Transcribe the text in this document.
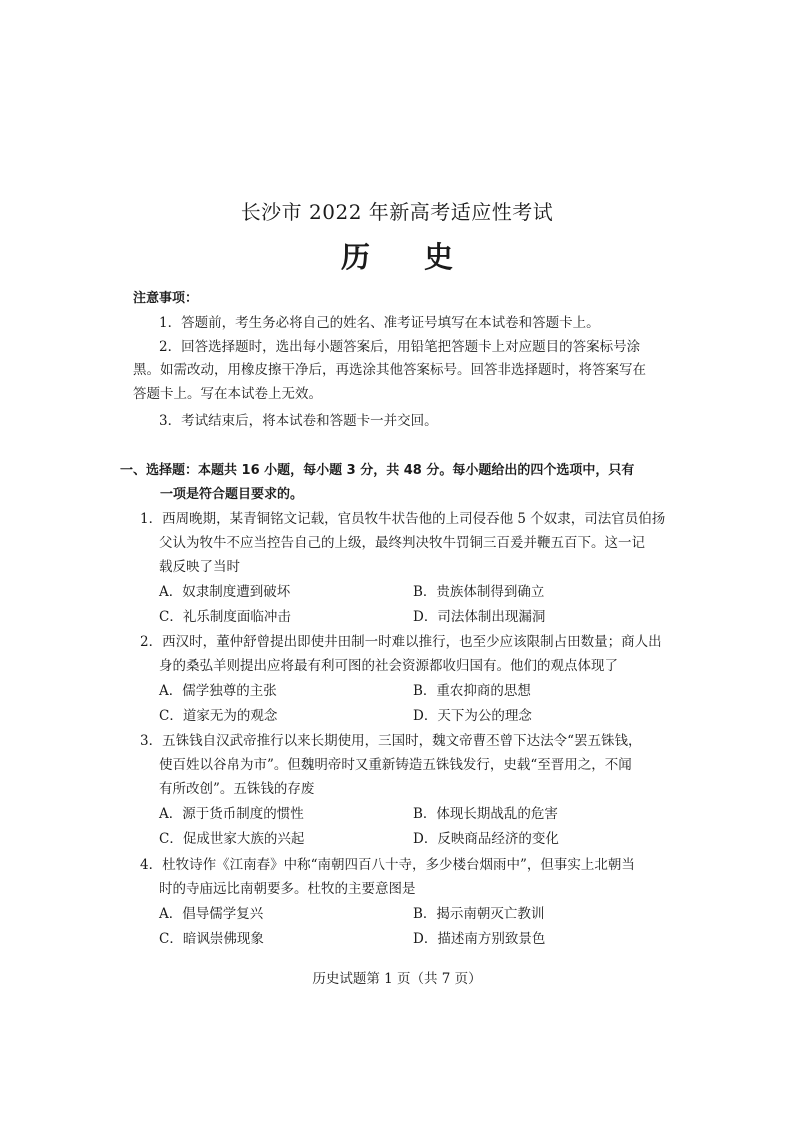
长沙市 2022 年新高考适应性考试
历 史
注意事项：
1．答题前，考生务必将自己的姓名、准考证号填写在本试卷和答题卡上。
2．回答选择题时，选出每小题答案后，用铅笔把答题卡上对应题目的答案标号涂
黑。如需改动，用橡皮擦干净后，再选涂其他答案标号。回答非选择题时，将答案写在
答题卡上。写在本试卷上无效。
3．考试结束后，将本试卷和答题卡一并交回。
一、选择题：本题共 16 小题，每小题 3 分，共 48 分。每小题给出的四个选项中，只有
一项是符合题目要求的。
1．西周晚期，某青铜铭文记载，官员牧牛状告他的上司侵吞他 5 个奴隶，司法官员伯扬
父认为牧牛不应当控告自己的上级，最终判决牧牛罚铜三百爰并鞭五百下。这一记
载反映了当时
A．奴隶制度遭到破坏	B．贵族体制得到确立
C．礼乐制度面临冲击	D．司法体制出现漏洞
2．西汉时，董仲舒曾提出即使井田制一时难以推行，也至少应该限制占田数量；商人出
身的桑弘羊则提出应将最有利可图的社会资源都收归国有。他们的观点体现了
A．儒学独尊的主张	B．重农抑商的思想
C．道家无为的观念	D．天下为公的理念
3．五铢钱自汉武帝推行以来长期使用，三国时，魏文帝曹丕曾下达法令“罢五铢钱，
使百姓以谷帛为市”。但魏明帝时又重新铸造五铢钱发行，史载“至晋用之，不闻
有所改创”。五铢钱的存废
A．源于货币制度的惯性	B．体现长期战乱的危害
C．促成世家大族的兴起	D．反映商品经济的变化
4．杜牧诗作《江南春》中称“南朝四百八十寺，多少楼台烟雨中”，但事实上北朝当
时的寺庙远比南朝要多。杜牧的主要意图是
A．倡导儒学复兴	B．揭示南朝灭亡教训
C．暗讽崇佛现象	D．描述南方别致景色
历史试题第 1 页（共 7 页）
